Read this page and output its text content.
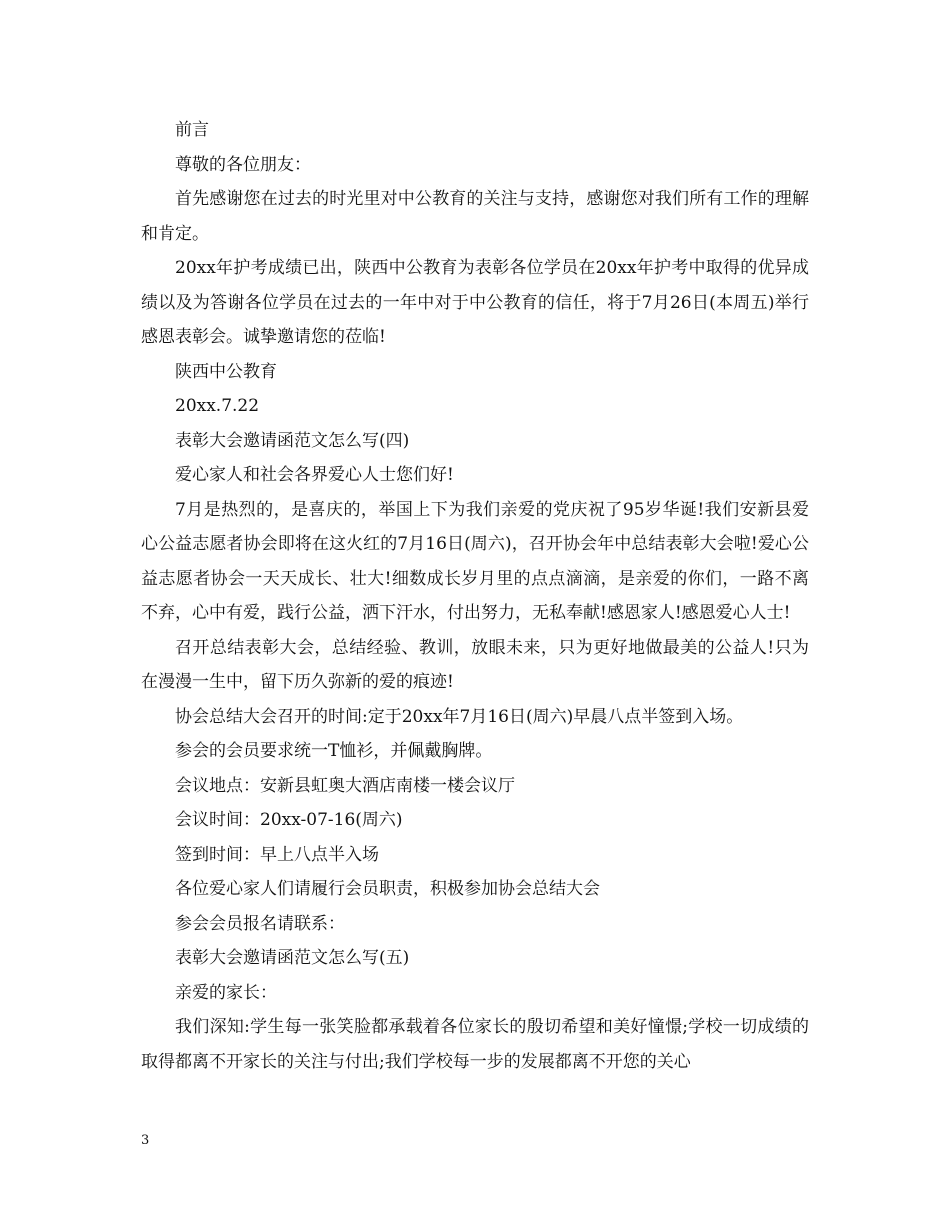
前言

尊敬的各位朋友：

首先感谢您在过去的时光里对中公教育的关注与支持，感谢您对我们所有工作的理解和肯定。

20xx年护考成绩已出，陕西中公教育为表彰各位学员在20xx年护考中取得的优异成绩以及为答谢各位学员在过去的一年中对于中公教育的信任，将于7月26日(本周五)举行感恩表彰会。诚挚邀请您的莅临!

陕西中公教育

20xx.7.22

表彰大会邀请函范文怎么写(四)

爱心家人和社会各界爱心人士您们好!

7月是热烈的，是喜庆的，举国上下为我们亲爱的党庆祝了95岁华诞!我们安新县爱心公益志愿者协会即将在这火红的7月16日(周六)，召开协会年中总结表彰大会啦!爱心公益志愿者协会一天天成长、壮大!细数成长岁月里的点点滴滴，是亲爱的你们，一路不离不弃，心中有爱，践行公益，洒下汗水，付出努力，无私奉献!感恩家人!感恩爱心人士!

召开总结表彰大会，总结经验、教训，放眼未来，只为更好地做最美的公益人!只为在漫漫一生中，留下历久弥新的爱的痕迹!

协会总结大会召开的时间:定于20xx年7月16日(周六)早晨八点半签到入场。

参会的会员要求统一T恤衫，并佩戴胸牌。

会议地点：安新县虹奥大酒店南楼一楼会议厅

会议时间：20xx-07-16(周六)

签到时间：早上八点半入场

各位爱心家人们请履行会员职责，积极参加协会总结大会

参会会员报名请联系：

表彰大会邀请函范文怎么写(五)

亲爱的家长：

我们深知:学生每一张笑脸都承载着各位家长的殷切希望和美好憧憬;学校一切成绩的取得都离不开家长的关注与付出;我们学校每一步的发展都离不开您的关心

3
